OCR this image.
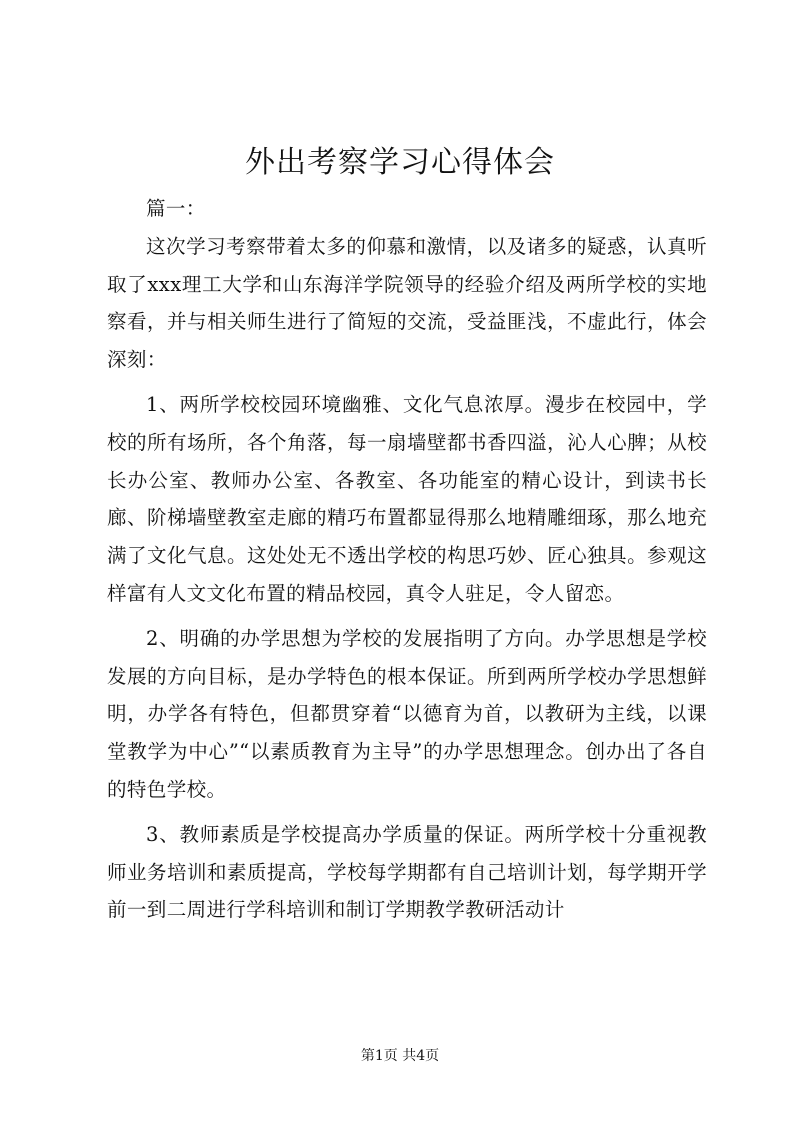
外出考察学习心得体会

篇一：

这次学习考察带着太多的仰慕和激情，以及诸多的疑惑，认真听取了xxx理工大学和山东海洋学院领导的经验介绍及两所学校的实地察看，并与相关师生进行了简短的交流，受益匪浅，不虚此行，体会深刻：

1、两所学校校园环境幽雅、文化气息浓厚。漫步在校园中，学校的所有场所，各个角落，每一扇墙壁都书香四溢，沁人心脾；从校长办公室、教师办公室、各教室、各功能室的精心设计，到读书长廊、阶梯墙壁教室走廊的精巧布置都显得那么地精雕细琢，那么地充满了文化气息。这处处无不透出学校的构思巧妙、匠心独具。参观这样富有人文文化布置的精品校园，真令人驻足，令人留恋。

2、明确的办学思想为学校的发展指明了方向。办学思想是学校发展的方向目标，是办学特色的根本保证。所到两所学校办学思想鲜明，办学各有特色，但都贯穿着“以德育为首，以教研为主线，以课堂教学为中心”“以素质教育为主导”的办学思想理念。创办出了各自的特色学校。

3、教师素质是学校提高办学质量的保证。两所学校十分重视教师业务培训和素质提高，学校每学期都有自己培训计划，每学期开学前一到二周进行学科培训和制订学期教学教研活动计

第1页 共4页
